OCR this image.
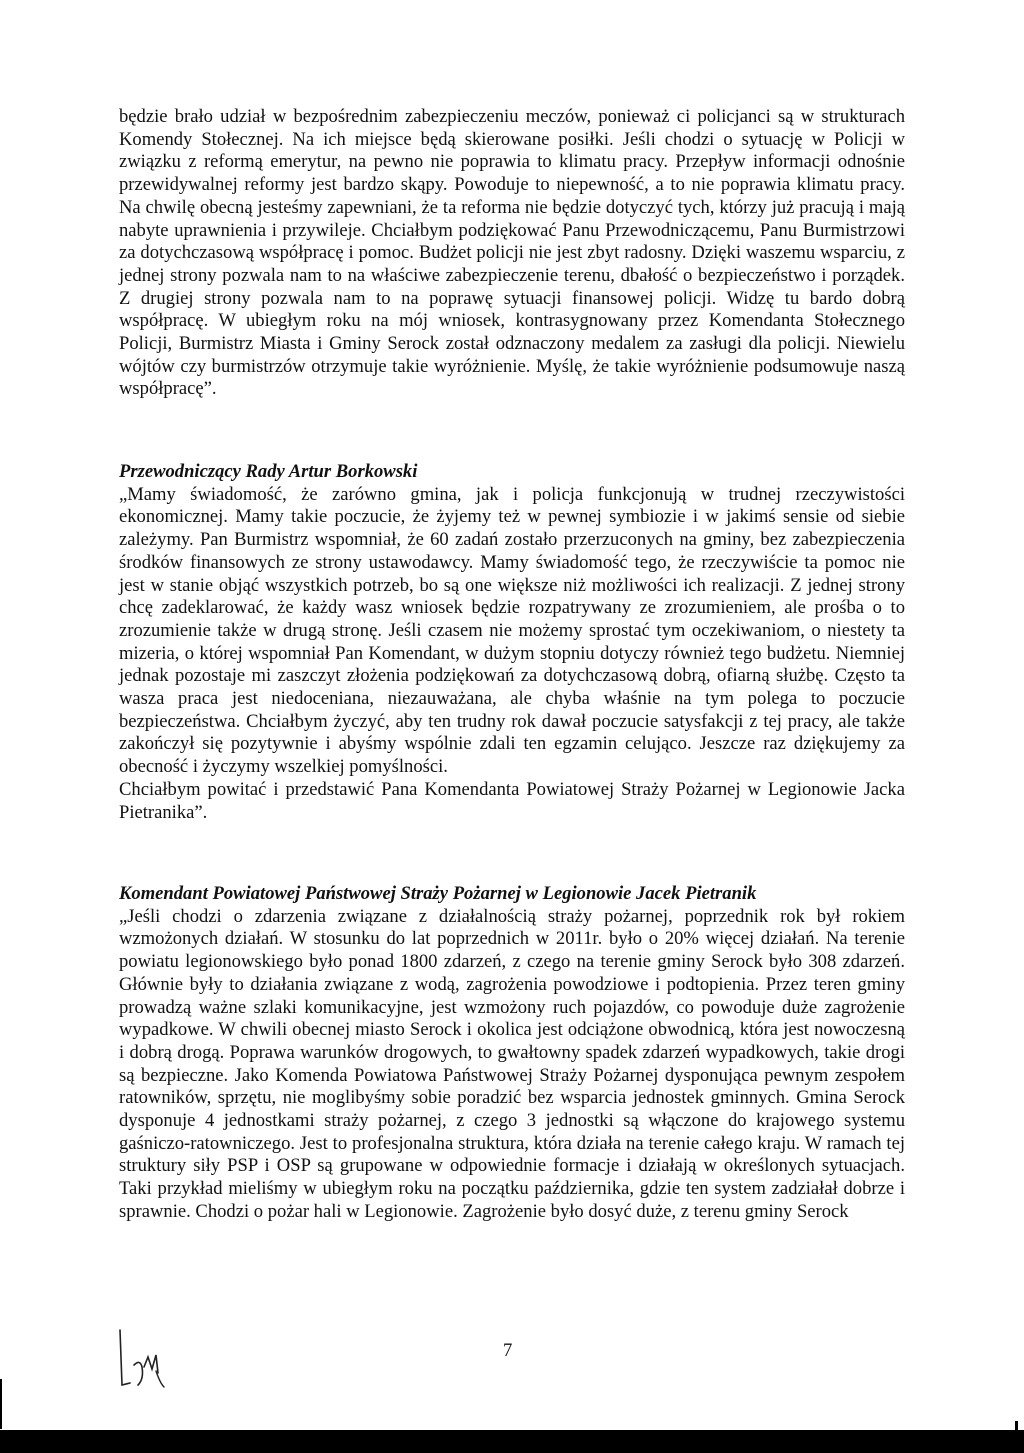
będzie brało udział w bezpośrednim zabezpieczeniu meczów, ponieważ ci policjanci są w strukturach Komendy Stołecznej. Na ich miejsce będą skierowane posiłki. Jeśli chodzi o sytuację w Policji w związku z reformą emerytur, na pewno nie poprawia to klimatu pracy. Przepływ informacji odnośnie przewidywalnej reformy jest bardzo skąpy. Powoduje to niepewność, a to nie poprawia klimatu pracy. Na chwilę obecną jesteśmy zapewniani, że ta reforma nie będzie dotyczyć tych, którzy już pracują i mają nabyte uprawnienia i przywileje. Chciałbym podziękować Panu Przewodniczącemu, Panu Burmistrzowi za dotychczasową współpracę i pomoc. Budżet policji nie jest zbyt radosny. Dzięki waszemu wsparciu, z jednej strony pozwala nam to na właściwe zabezpieczenie terenu, dbałość o bezpieczeństwo i porządek. Z drugiej strony pozwala nam to na poprawę sytuacji finansowej policji. Widzę tu bardo dobrą współpracę. W ubiegłym roku na mój wniosek, kontrasygnowany przez Komendanta Stołecznego Policji, Burmistrz Miasta i Gminy Serock został odznaczony medalem za zasługi dla policji. Niewielu wójtów czy burmistrzów otrzymuje takie wyróżnienie. Myślę, że takie wyróżnienie podsumowuje naszą współpracę”.

Przewodniczący Rady Artur Borkowski

„Mamy świadomość, że zarówno gmina, jak i policja funkcjonują w trudnej rzeczywistości ekonomicznej. Mamy takie poczucie, że żyjemy też w pewnej symbiozie i w jakimś sensie od siebie zależymy. Pan Burmistrz wspomniał, że 60 zadań zostało przerzuconych na gminy, bez zabezpieczenia środków finansowych ze strony ustawodawcy. Mamy świadomość tego, że rzeczywiście ta pomoc nie jest w stanie objąć wszystkich potrzeb, bo są one większe niż możliwości ich realizacji. Z jednej strony chcę zadeklarować, że każdy wasz wniosek będzie rozpatrywany ze zrozumieniem, ale prośba o to zrozumienie także w drugą stronę. Jeśli czasem nie możemy sprostać tym oczekiwaniom, o niestety ta mizeria, o której wspomniał Pan Komendant, w dużym stopniu dotyczy również tego budżetu. Niemniej jednak pozostaje mi zaszczyt złożenia podziękowań za dotychczasową dobrą, ofiarną służbę. Często ta wasza praca jest niedoceniana, niezauważana, ale chyba właśnie na tym polega to poczucie bezpieczeństwa. Chciałbym życzyć, aby ten trudny rok dawał poczucie satysfakcji z tej pracy, ale także zakończył się pozytywnie i abyśmy wspólnie zdali ten egzamin celująco. Jeszcze raz dziękujemy za obecność i życzymy wszelkiej pomyślności.

Chciałbym powitać i przedstawić Pana Komendanta Powiatowej Straży Pożarnej w Legionowie Jacka Pietranika”.

Komendant Powiatowej Państwowej Straży Pożarnej w Legionowie Jacek Pietranik

„Jeśli chodzi o zdarzenia związane z działalnością straży pożarnej, poprzednik rok był rokiem wzmożonych działań. W stosunku do lat poprzednich w 2011r. było o 20% więcej działań. Na terenie powiatu legionowskiego było ponad 1800 zdarzeń, z czego na terenie gminy Serock było 308 zdarzeń. Głównie były to działania związane z wodą, zagrożenia powodziowe i podtopienia. Przez teren gminy prowadzą ważne szlaki komunikacyjne, jest wzmożony ruch pojazdów, co powoduje duże zagrożenie wypadkowe. W chwili obecnej miasto Serock i okolica jest odciążone obwodnicą, która jest nowoczesną i dobrą drogą. Poprawa warunków drogowych, to gwałtowny spadek zdarzeń wypadkowych, takie drogi są bezpieczne. Jako Komenda Powiatowa Państwowej Straży Pożarnej dysponująca pewnym zespołem ratowników, sprzętu, nie moglibyśmy sobie poradzić bez wsparcia jednostek gminnych. Gmina Serock dysponuje 4 jednostkami straży pożarnej, z czego 3 jednostki są włączone do krajowego systemu gaśniczo-ratowniczego. Jest to profesjonalna struktura, która działa na terenie całego kraju. W ramach tej struktury siły PSP i OSP są grupowane w odpowiednie formacje i działają w określonych sytuacjach. Taki przykład mieliśmy w ubiegłym roku na początku października, gdzie ten system zadziałał dobrze i sprawnie. Chodzi o pożar hali w Legionowie. Zagrożenie było dosyć duże, z terenu gminy Serock

7
